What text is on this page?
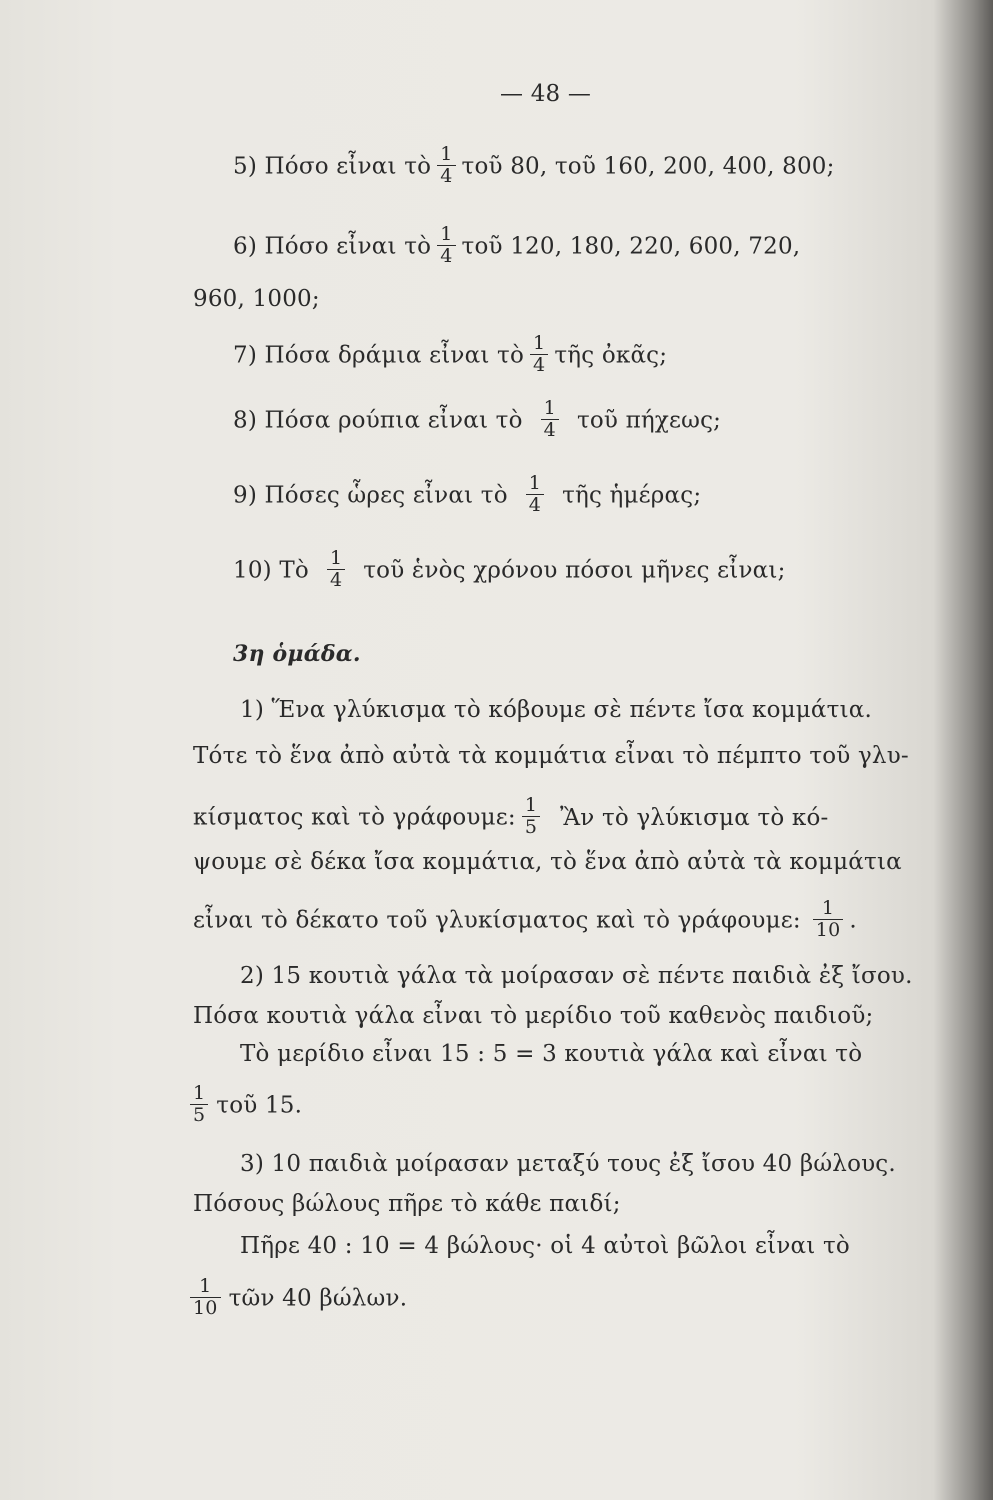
— 48 —
5) Πόσο εἶναι τὸ $\frac{1}{4}$ τοῦ 80, τοῦ 160, 200, 400, 800;
6) Πόσο εἶναι τὸ $\frac{1}{4}$ τοῦ 120, 180, 220, 600, 720,
960, 1000;
7) Πόσα δράμια εἶναι τὸ $\frac{1}{4}$ τῆς ὀκᾶς;
8) Πόσα ρούπια εἶναι τὸ $\frac{1}{4}$ τοῦ πήχεως;
9) Πόσες ὧρες εἶναι τὸ $\frac{1}{4}$ τῆς ἡμέρας;
10) Τὸ $\frac{1}{4}$ τοῦ ἑνὸς χρόνου πόσοι μῆνες εἶναι;
3η ὁμάδα.
1) Ἕνα γλύκισμα τὸ κόβουμε σὲ πέντε ἴσα κομμάτια.
Τότε τὸ ἕνα ἀπὸ αὐτὰ τὰ κομμάτια εἶναι τὸ πέμπτο τοῦ γλυ-
κίσματος καὶ τὸ γράφουμε: $\frac{1}{5}$ Ἂν τὸ γλύκισμα τὸ κό-
ψουμε σὲ δέκα ἴσα κομμάτια, τὸ ἕνα ἀπὸ αὐτὰ τὰ κομμάτια
εἶναι τὸ δέκατο τοῦ γλυκίσματος καὶ τὸ γράφουμε: $\frac{1}{10}$ .
2) 15 κουτιὰ γάλα τὰ μοίρασαν σὲ πέντε παιδιὰ ἐξ ἴσου.
Πόσα κουτιὰ γάλα εἶναι τὸ μερίδιο τοῦ καθενὸς παιδιοῦ;
Τὸ μερίδιο εἶναι 15 : 5 = 3 κουτιὰ γάλα καὶ εἶναι τὸ
$\frac{1}{5}$ τοῦ 15.
3) 10 παιδιὰ μοίρασαν μεταξύ τους ἐξ ἴσου 40 βώλους.
Πόσους βώλους πῆρε τὸ κάθε παιδί;
Πῆρε 40 : 10 = 4 βώλους· οἱ 4 αὐτοὶ βῶλοι εἶναι τὸ
$\frac{1}{10}$ τῶν 40 βώλων.
